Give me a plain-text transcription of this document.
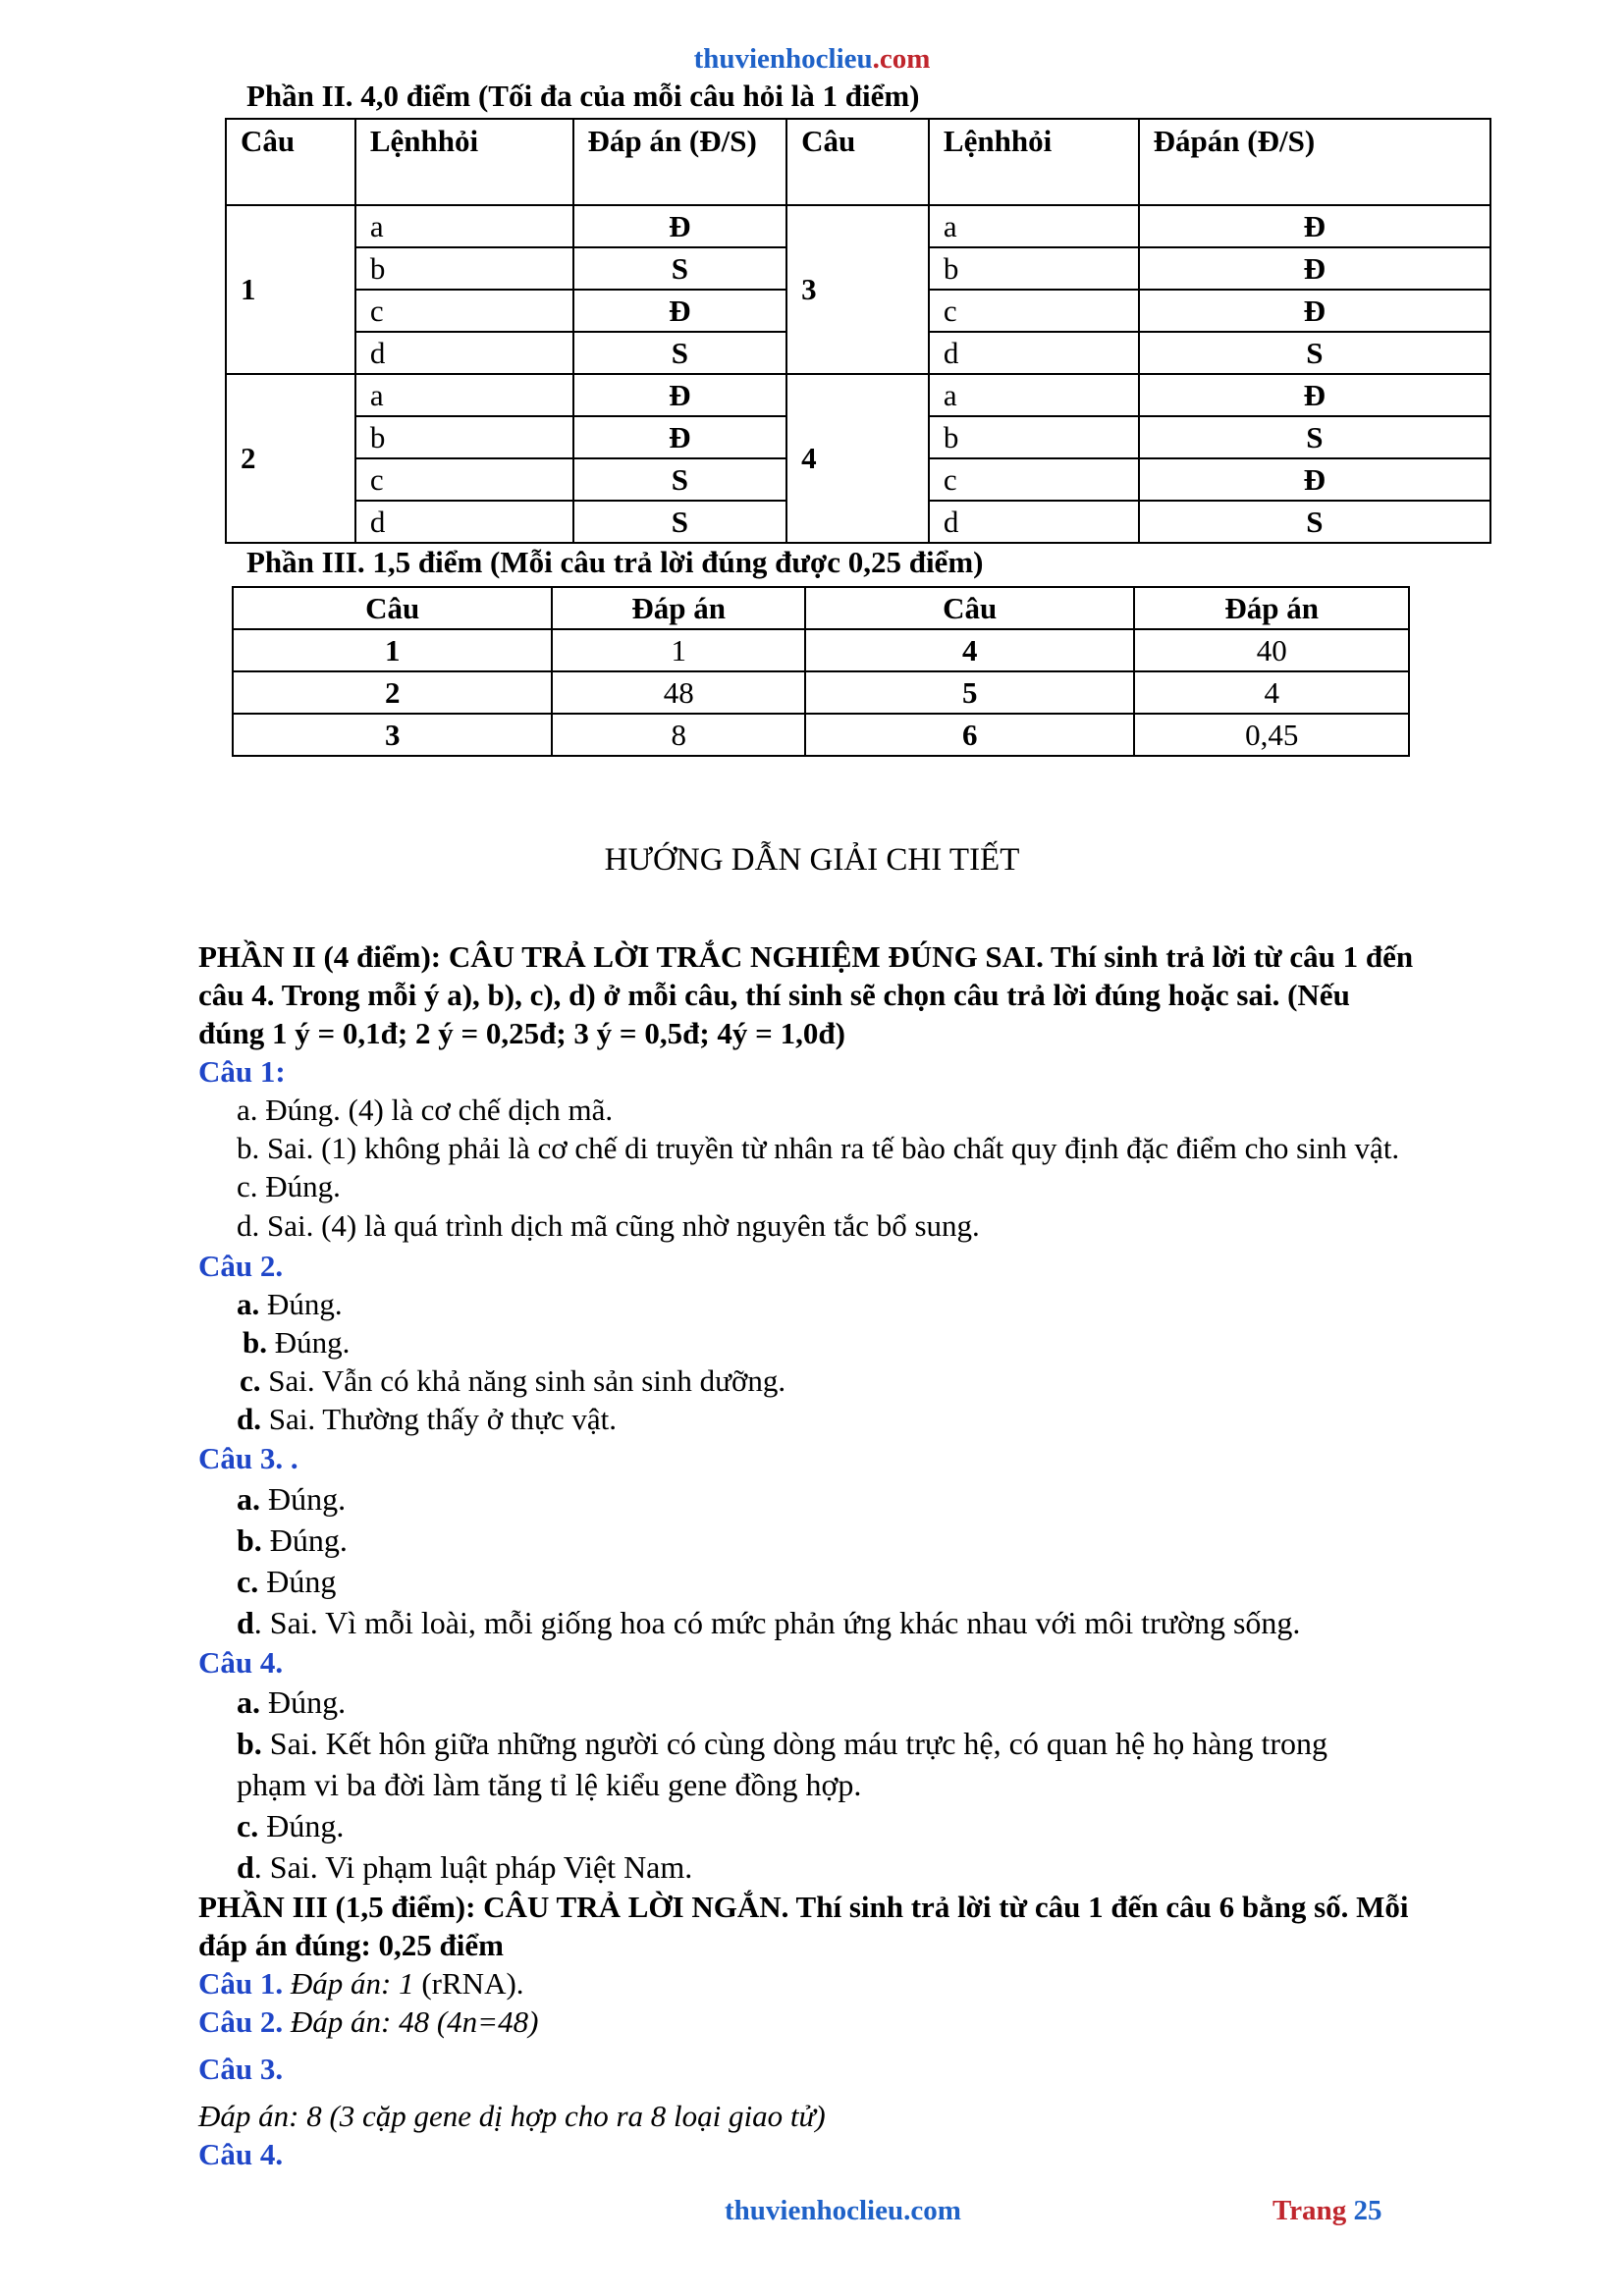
thuvienhoclieu.com
Phần II. 4,0 điểm (Tối đa của mỗi câu hỏi là 1 điểm)
Câu	Lệnhhỏi	Đáp án (Đ/S)	Câu	Lệnhhỏi	Đápán (Đ/S)
1	a	Đ	3	a	Đ
	b	S		b	Đ
	c	Đ		c	Đ
	d	S		d	S
2	a	Đ	4	a	Đ
	b	Đ		b	S
	c	S		c	Đ
	d	S		d	S
Phần III. 1,5 điểm (Mỗi câu trả lời đúng được 0,25 điểm)
Câu	Đáp án	Câu	Đáp án
1	1	4	40
2	48	5	4
3	8	6	0,45
HƯỚNG DẪN GIẢI CHI TIẾT
PHẦN II (4 điểm): CÂU TRẢ LỜI TRẮC NGHIỆM ĐÚNG SAI. Thí sinh trả lời từ câu 1 đến
câu 4. Trong mỗi ý a), b), c), d) ở mỗi câu, thí sinh sẽ chọn câu trả lời đúng hoặc sai. (Nếu
đúng 1 ý = 0,1đ; 2 ý = 0,25đ; 3 ý = 0,5đ; 4ý = 1,0đ)
Câu 1:
a. Đúng. (4) là cơ chế dịch mã.
b. Sai. (1) không phải là cơ chế di truyền từ nhân ra tế bào chất quy định đặc điểm cho sinh vật.
c. Đúng.
d. Sai. (4) là quá trình dịch mã cũng nhờ nguyên tắc bổ sung.
Câu 2.
a. Đúng.
b. Đúng.
c. Sai. Vẫn có khả năng sinh sản sinh dưỡng.
d. Sai. Thường thấy ở thực vật.
Câu 3. .
a. Đúng.
b. Đúng.
c. Đúng
d. Sai. Vì mỗi loài, mỗi giống hoa có mức phản ứng khác nhau với môi trường sống.
Câu 4.
a. Đúng.
b. Sai. Kết hôn giữa những người có cùng dòng máu trực hệ, có quan hệ họ hàng trong
phạm vi ba đời làm tăng tỉ lệ kiểu gene đồng hợp.
c. Đúng.
d. Sai. Vi phạm luật pháp Việt Nam.
PHẦN III (1,5 điểm): CÂU TRẢ LỜI NGẮN. Thí sinh trả lời từ câu 1 đến câu 6 bằng số. Mỗi
đáp án đúng: 0,25 điểm
Câu 1. Đáp án: 1 (rRNA).
Câu 2. Đáp án: 48 (4n=48)
Câu 3.
Đáp án: 8 (3 cặp gene dị hợp cho ra 8 loại giao tử)
Câu 4.
thuvienhoclieu.com	Trang 25
